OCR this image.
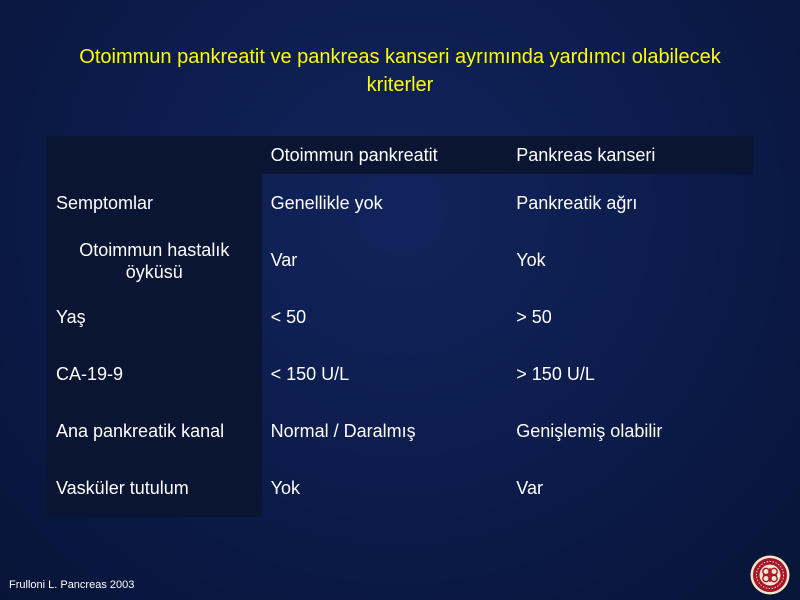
Otoimmun pankreatit ve pankreas kanseri ayrımında yardımcı olabilecek
kriterler
	Otoimmun pankreatit	Pankreas kanseri
Semptomlar	Genellikle yok	Pankreatik ağrı
Otoimmun hastalık öyküsü	Var	Yok
Yaş	< 50	> 50
CA-19-9	< 150 U/L	> 150 U/L
Ana pankreatik kanal	Normal / Daralmış	Genişlemiş olabilir
Vasküler tutulum	Yok	Var
Frulloni L. Pancreas 2003
